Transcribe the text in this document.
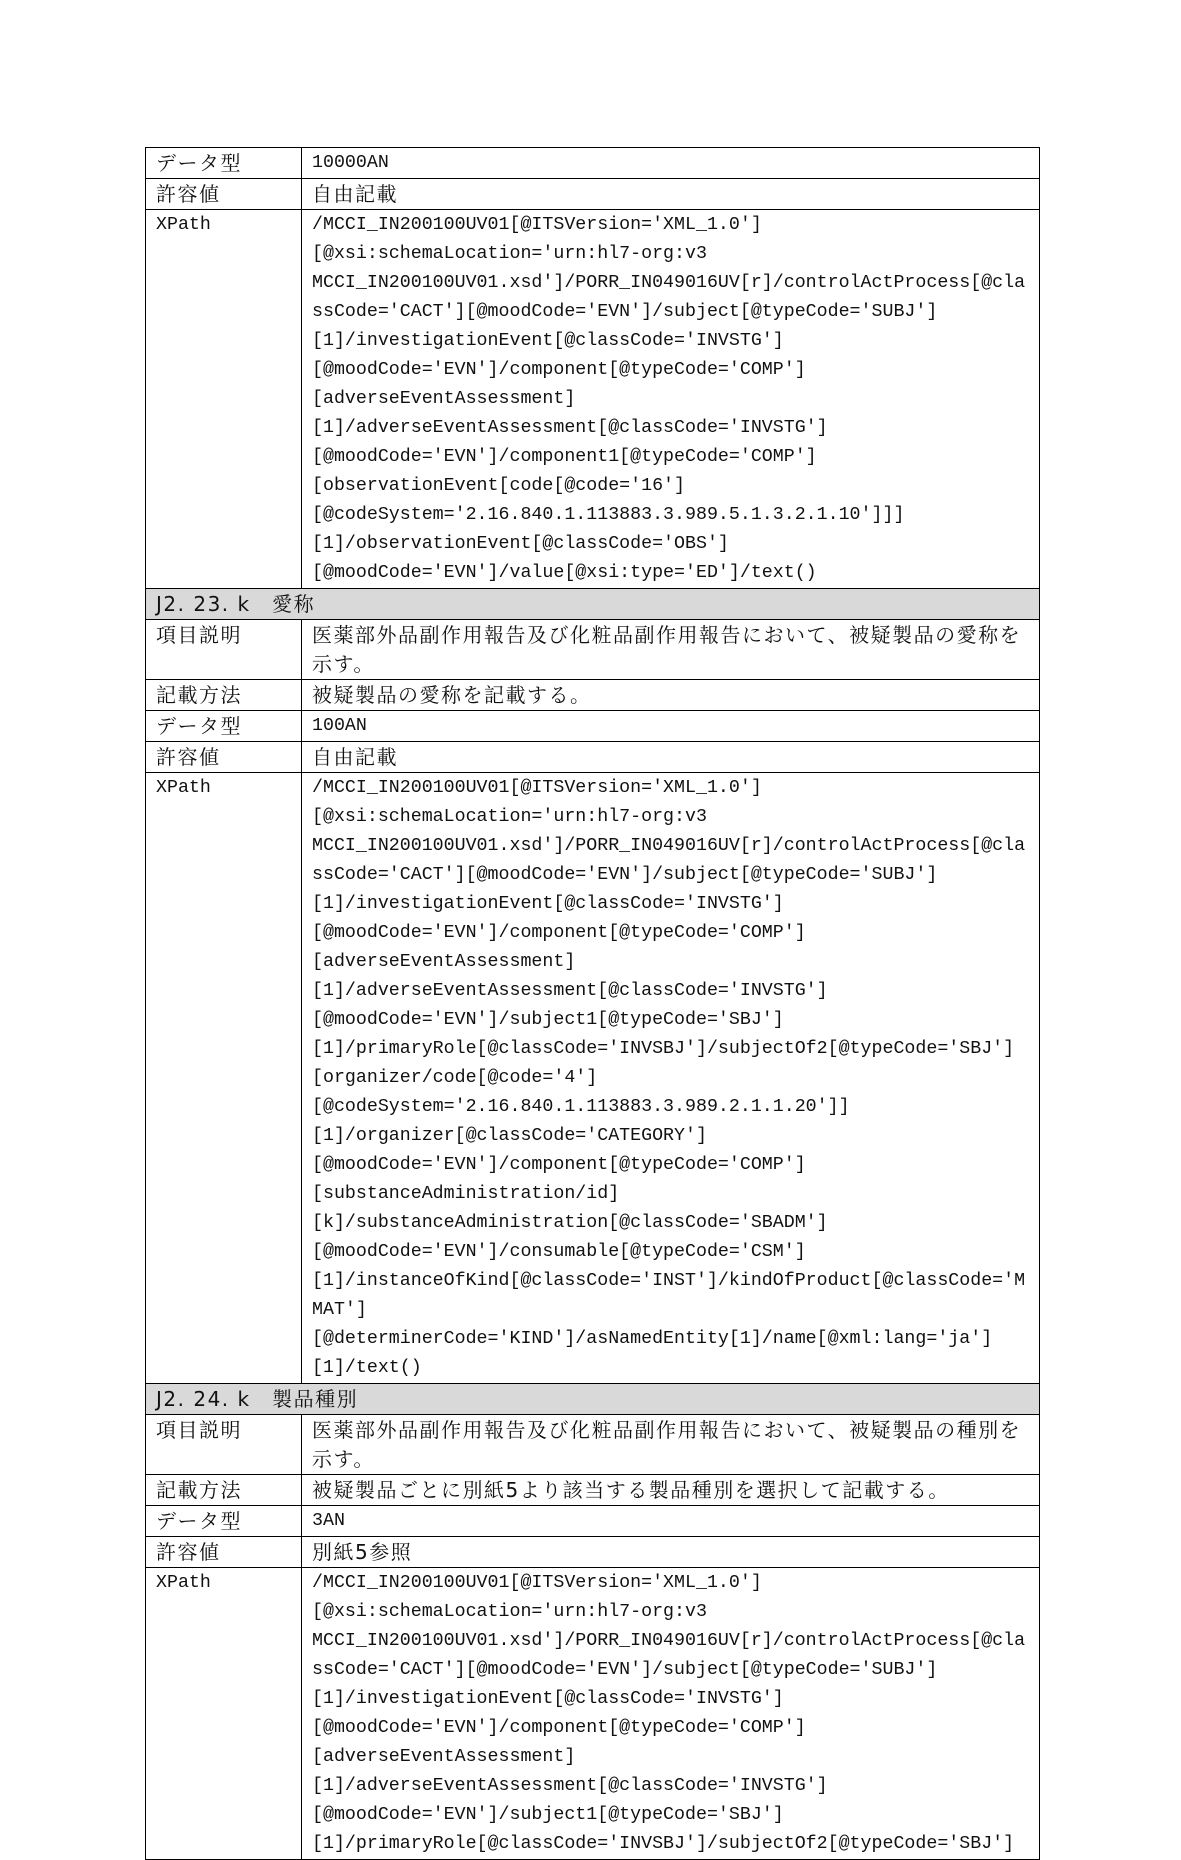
データ型	10000AN
許容値	自由記載
XPath	/MCCI_IN200100UV01[@ITSVersion='XML_1.0'][@xsi:schemaLocation='urn:hl7-org:v3 MCCI_IN200100UV01.xsd']/PORR_IN049016UV[r]/controlActProcess[@classCode='CACT'][@moodCode='EVN']/subject[@typeCode='SUBJ'][1]/investigationEvent[@classCode='INVSTG'][@moodCode='EVN']/component[@typeCode='COMP'][adverseEventAssessment][1]/adverseEventAssessment[@classCode='INVSTG'][@moodCode='EVN']/component1[@typeCode='COMP'][observationEvent[code[@code='16'][@codeSystem='2.16.840.1.113883.3.989.5.1.3.2.1.10']]][1]/observationEvent[@classCode='OBS'][@moodCode='EVN']/value[@xsi:type='ED']/text()
J2. 23. k　愛称	
項目説明	医薬部外品副作用報告及び化粧品副作用報告において、被疑製品の愛称を示す。
記載方法	被疑製品の愛称を記載する。
データ型	100AN
許容値	自由記載
XPath	/MCCI_IN200100UV01[@ITSVersion='XML_1.0'][@xsi:schemaLocation='urn:hl7-org:v3 MCCI_IN200100UV01.xsd']/PORR_IN049016UV[r]/controlActProcess[@classCode='CACT'][@moodCode='EVN']/subject[@typeCode='SUBJ'][1]/investigationEvent[@classCode='INVSTG'][@moodCode='EVN']/component[@typeCode='COMP'][adverseEventAssessment][1]/adverseEventAssessment[@classCode='INVSTG'][@moodCode='EVN']/subject1[@typeCode='SBJ'][1]/primaryRole[@classCode='INVSBJ']/subjectOf2[@typeCode='SBJ'][organizer/code[@code='4'][@codeSystem='2.16.840.1.113883.3.989.2.1.1.20']][1]/organizer[@classCode='CATEGORY'][@moodCode='EVN']/component[@typeCode='COMP'][substanceAdministration/id][k]/substanceAdministration[@classCode='SBADM'][@moodCode='EVN']/consumable[@typeCode='CSM'][1]/instanceOfKind[@classCode='INST']/kindOfProduct[@classCode='MMAT'][@determinerCode='KIND']/asNamedEntity[1]/name[@xml:lang='ja'][1]/text()
J2. 24. k　製品種別	
項目説明	医薬部外品副作用報告及び化粧品副作用報告において、被疑製品の種別を示す。
記載方法	被疑製品ごとに別紙5より該当する製品種別を選択して記載する。
データ型	3AN
許容値	別紙5参照
XPath	/MCCI_IN200100UV01[@ITSVersion='XML_1.0'][@xsi:schemaLocation='urn:hl7-org:v3 MCCI_IN200100UV01.xsd']/PORR_IN049016UV[r]/controlActProcess[@classCode='CACT'][@moodCode='EVN']/subject[@typeCode='SUBJ'][1]/investigationEvent[@classCode='INVSTG'][@moodCode='EVN']/component[@typeCode='COMP'][adverseEventAssessment][1]/adverseEventAssessment[@classCode='INVSTG'][@moodCode='EVN']/subject1[@typeCode='SBJ'][1]/primaryRole[@classCode='INVSBJ']/subjectOf2[@typeCode='SBJ']
